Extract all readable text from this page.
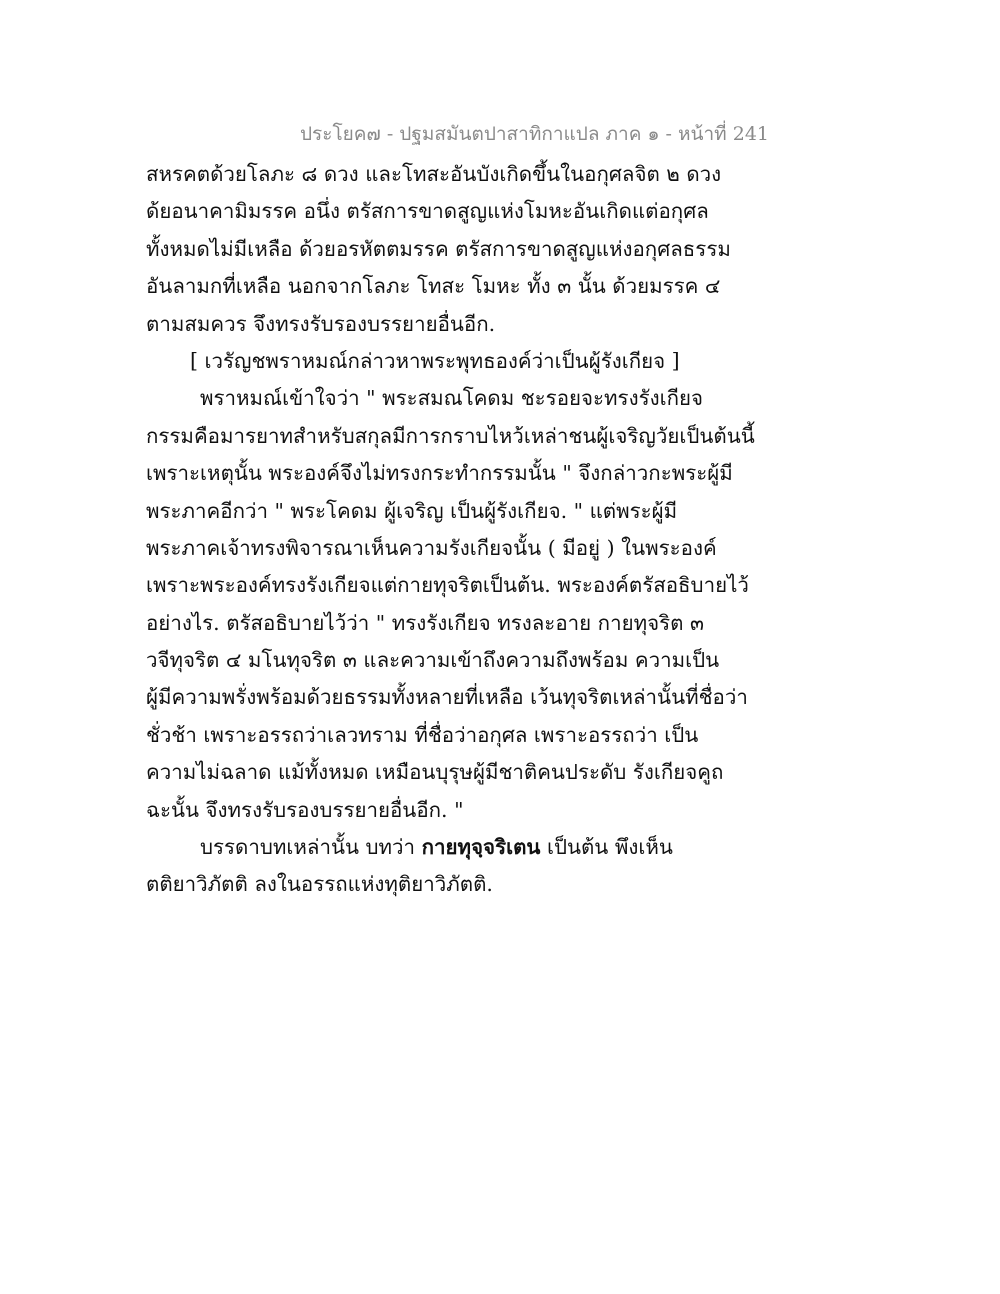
ประโยค๗ - ปฐมสมันตปาสาทิกาแปล ภาค ๑ - หน้าที่ 241
สหรคตด้วยโลภะ ๘ ดวง และโทสะอันบังเกิดขึ้นในอกุศลจิต ๒ ดวง
ด้ยอนาคามิมรรค อนึ่ง ตรัสการขาดสูญแห่งโมหะอันเกิดแต่อกุศล
ทั้งหมดไม่มีเหลือ ด้วยอรหัตตมรรค ตรัสการขาดสูญแห่งอกุศลธรรม
อันลามกที่เหลือ นอกจากโลภะ โทสะ โมหะ ทั้ง ๓ นั้น ด้วยมรรค ๔
ตามสมควร จึงทรงรับรองบรรยายอื่นอีก.
[ เวรัญชพราหมณ์กล่าวหาพระพุทธองค์ว่าเป็นผู้รังเกียจ ]
พราหมณ์เข้าใจว่า " พระสมณโคดม ชะรอยจะทรงรังเกียจ
กรรมคือมารยาทสำหรับสกุลมีการกราบไหว้เหล่าชนผู้เจริญวัยเป็นต้นนี้
เพราะเหตุนั้น พระองค์จึงไม่ทรงกระทำกรรมนั้น " จึงกล่าวกะพระผู้มี
พระภาคอีกว่า " พระโคดม ผู้เจริญ เป็นผู้รังเกียจ. " แต่พระผู้มี
พระภาคเจ้าทรงพิจารณาเห็นความรังเกียจนั้น ( มีอยู่ ) ในพระองค์
เพราะพระองค์ทรงรังเกียจแต่กายทุจริตเป็นต้น. พระองค์ตรัสอธิบายไว้
อย่างไร. ตรัสอธิบายไว้ว่า " ทรงรังเกียจ ทรงละอาย กายทุจริต ๓
วจีทุจริต ๔ มโนทุจริต ๓ และความเข้าถึงความถึงพร้อม ความเป็น
ผู้มีความพรั่งพร้อมด้วยธรรมทั้งหลายที่เหลือ เว้นทุจริตเหล่านั้นที่ชื่อว่า
ชั่วช้า เพราะอรรถว่าเลวทราม ที่ชื่อว่าอกุศล เพราะอรรถว่า เป็น
ความไม่ฉลาด แม้ทั้งหมด เหมือนบุรุษผู้มีชาติคนประดับ รังเกียจคูถ
ฉะนั้น จึงทรงรับรองบรรยายอื่นอีก. "
บรรดาบทเหล่านั้น บทว่า กายทุจฺจริเตน เป็นต้น พึงเห็น
ตติยาวิภัตติ ลงในอรรถแห่งทุติยาวิภัตติ.
